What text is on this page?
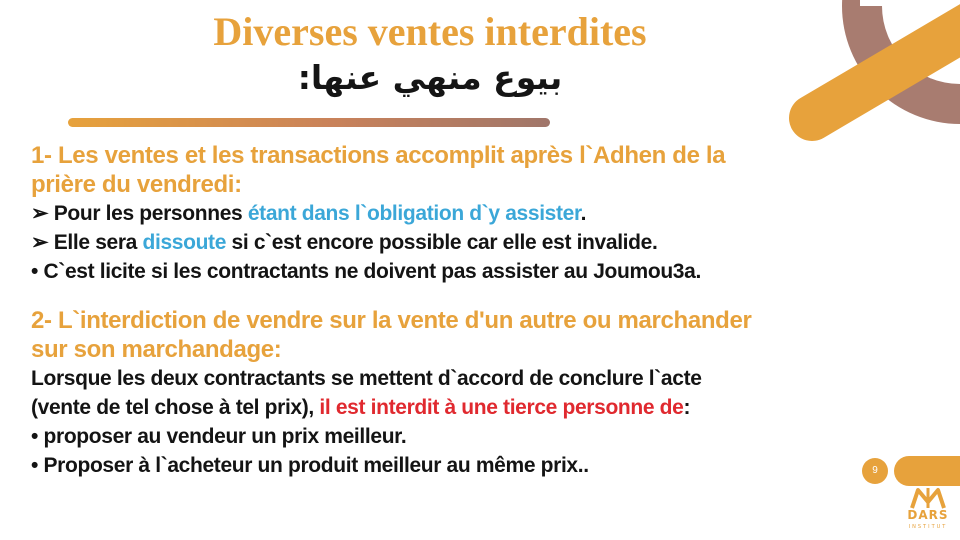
Diverses ventes interdites
بيوع منهي عنها:

1- Les ventes et les transactions accomplit après l`Adhen de la
prière du vendredi:

➢ Pour les personnes étant dans l`obligation d`y assister.

➢ Elle sera dissoute si c`est encore possible car elle est invalide.

• C`est licite si les contractants ne doivent pas assister au Joumou3a.

2- L`interdiction de vendre sur la vente d'un autre ou marchander
sur son marchandage:

Lorsque les deux contractants se mettent d`accord de conclure l`acte

(vente de tel chose à tel prix), il est interdit à une tierce personne de:

• proposer au vendeur un prix meilleur.

• Proposer à l`acheteur un produit meilleur au même prix..	9
DARS
INSTITUT
